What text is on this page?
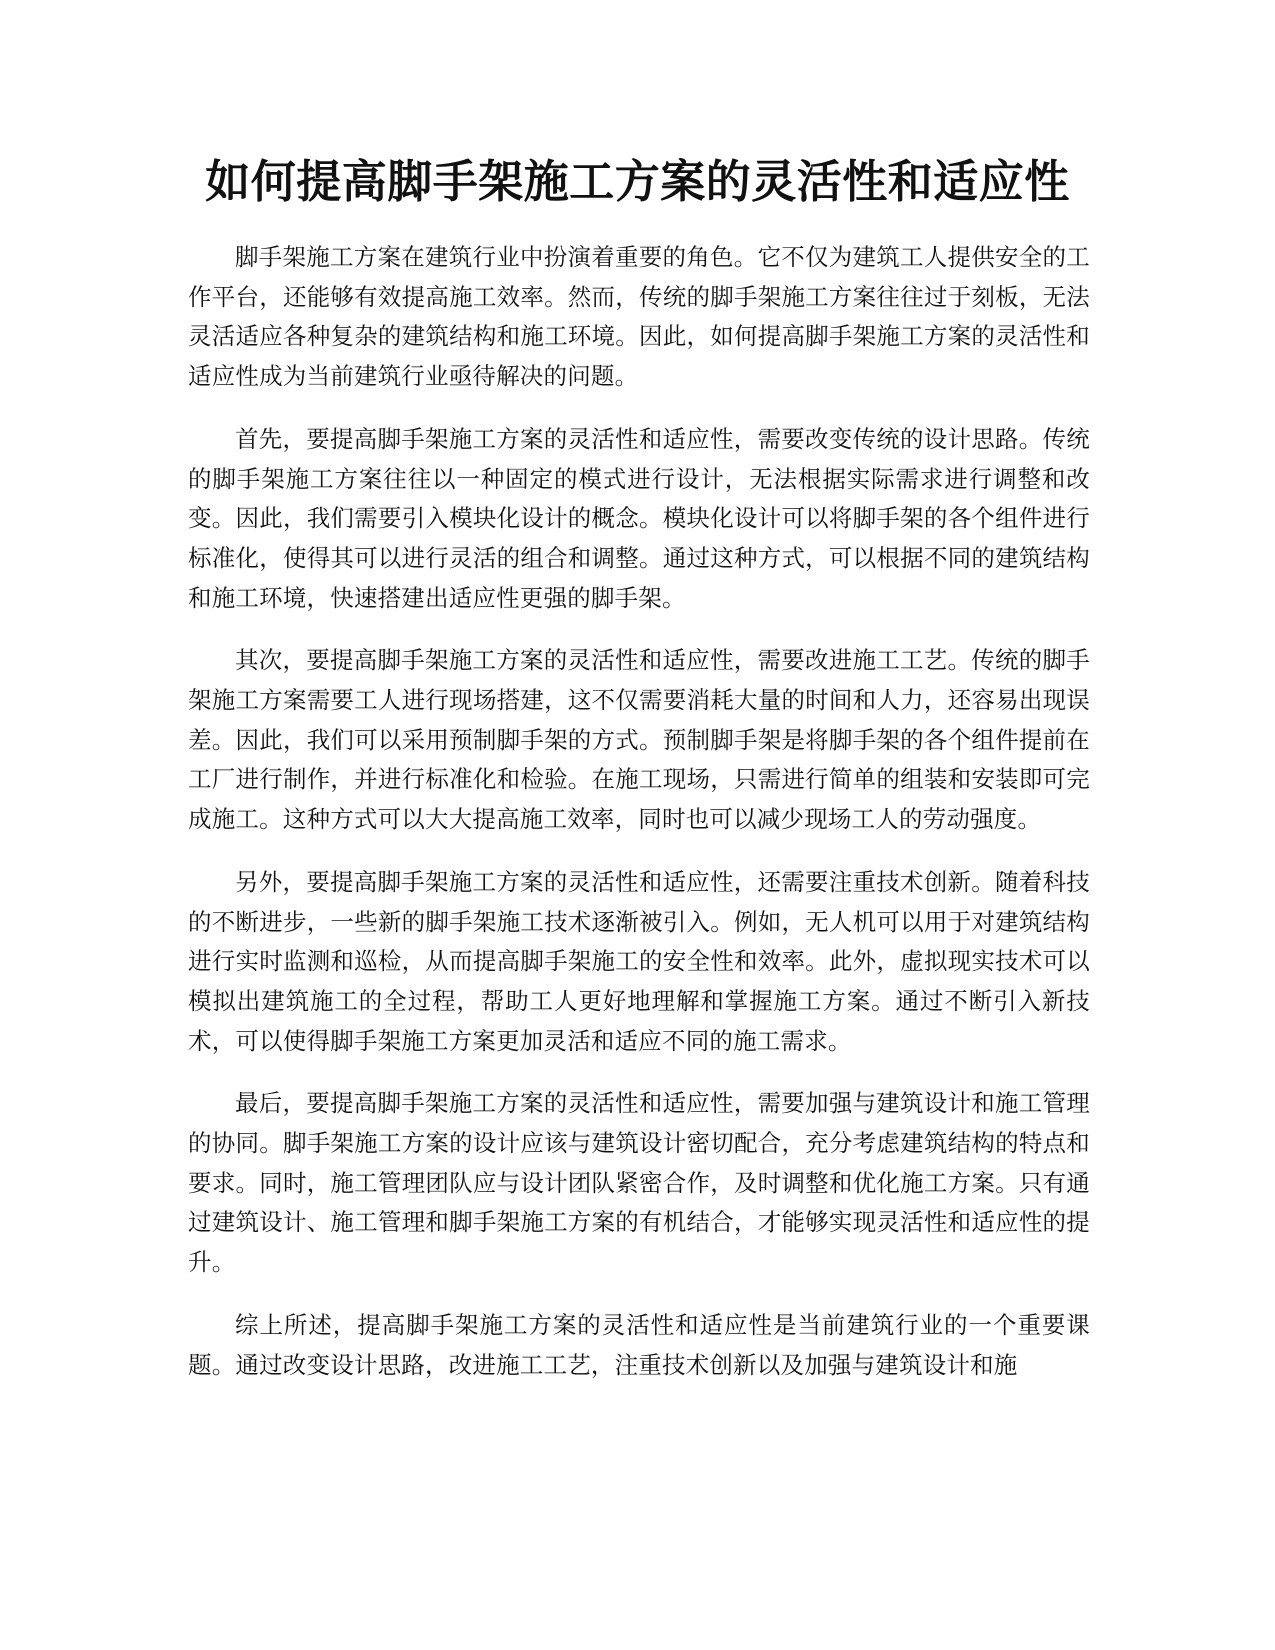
如何提高脚手架施工方案的灵活性和适应性

脚手架施工方案在建筑行业中扮演着重要的角色。它不仅为建筑工人提供安全的工作平台，还能够有效提高施工效率。然而，传统的脚手架施工方案往往过于刻板，无法灵活适应各种复杂的建筑结构和施工环境。因此，如何提高脚手架施工方案的灵活性和适应性成为当前建筑行业亟待解决的问题。

首先，要提高脚手架施工方案的灵活性和适应性，需要改变传统的设计思路。传统的脚手架施工方案往往以一种固定的模式进行设计，无法根据实际需求进行调整和改变。因此，我们需要引入模块化设计的概念。模块化设计可以将脚手架的各个组件进行标准化，使得其可以进行灵活的组合和调整。通过这种方式，可以根据不同的建筑结构和施工环境，快速搭建出适应性更强的脚手架。

其次，要提高脚手架施工方案的灵活性和适应性，需要改进施工工艺。传统的脚手架施工方案需要工人进行现场搭建，这不仅需要消耗大量的时间和人力，还容易出现误差。因此，我们可以采用预制脚手架的方式。预制脚手架是将脚手架的各个组件提前在工厂进行制作，并进行标准化和检验。在施工现场，只需进行简单的组装和安装即可完成施工。这种方式可以大大提高施工效率，同时也可以减少现场工人的劳动强度。

另外，要提高脚手架施工方案的灵活性和适应性，还需要注重技术创新。随着科技的不断进步，一些新的脚手架施工技术逐渐被引入。例如，无人机可以用于对建筑结构进行实时监测和巡检，从而提高脚手架施工的安全性和效率。此外，虚拟现实技术可以模拟出建筑施工的全过程，帮助工人更好地理解和掌握施工方案。通过不断引入新技术，可以使得脚手架施工方案更加灵活和适应不同的施工需求。

最后，要提高脚手架施工方案的灵活性和适应性，需要加强与建筑设计和施工管理的协同。脚手架施工方案的设计应该与建筑设计密切配合，充分考虑建筑结构的特点和要求。同时，施工管理团队应与设计团队紧密合作，及时调整和优化施工方案。只有通过建筑设计、施工管理和脚手架施工方案的有机结合，才能够实现灵活性和适应性的提升。

综上所述，提高脚手架施工方案的灵活性和适应性是当前建筑行业的一个重要课题。通过改变设计思路，改进施工工艺，注重技术创新以及加强与建筑设计和施
